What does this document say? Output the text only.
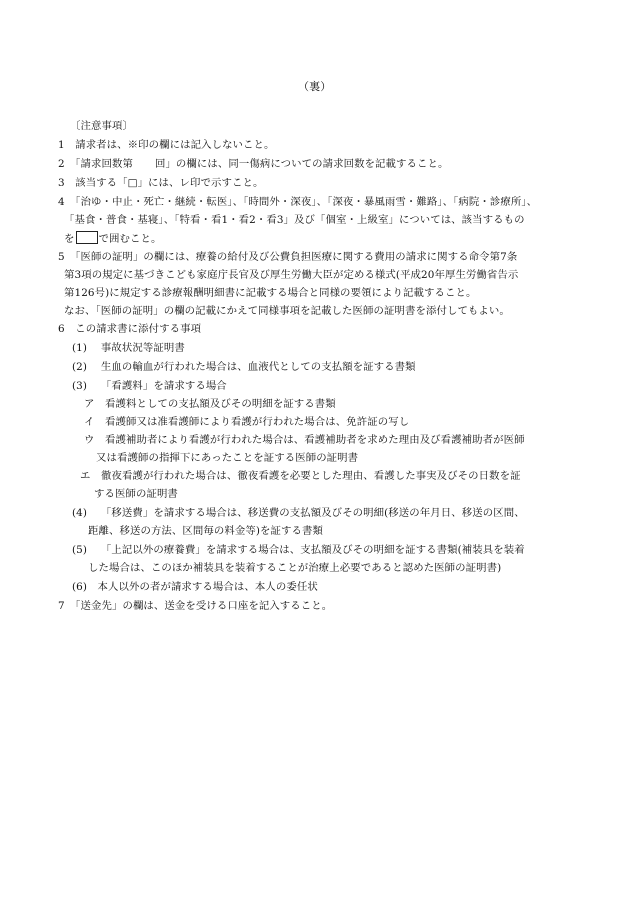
（裏）

〔注意事項〕

1　請求者は、※印の欄には記入しないこと。

2　「請求回数第 回」の欄には、同一傷病についての請求回数を記載すること。

3　該当する「□」には、レ印で示すこと。

4　「治ゆ・中止・死亡・継続・転医」、「時間外・深夜」、「深夜・暴風雨雪・難路」、「病院・診療所」、

「基食・普食・基寝」、「特看・看1・看2・看3」及び「個室・上級室」については、該当するもの

を で囲むこと。

5　「医師の証明」の欄には、療養の給付及び公費負担医療に関する費用の請求に関する命令第7条

第3項の規定に基づきこども家庭庁長官及び厚生労働大臣が定める様式(平成20年厚生労働省告示

第126号)に規定する診療報酬明細書に記載する場合と同様の要領により記載すること。

なお、「医師の証明」の欄の記載にかえて同様事項を記載した医師の証明書を添付してもよい。

6　この請求書に添付する事項

(1)　 事故状況等証明書

(2)　 生血の輸血が行われた場合は、血液代としての支払額を証する書類

(3)　 「看護料」を請求する場合

ア　看護料としての支払額及びその明細を証する書類

イ　看護師又は准看護師により看護が行われた場合は、免許証の写し

ウ　看護補助者により看護が行われた場合は、看護補助者を求めた理由及び看護補助者が医師

又は看護師の指揮下にあったことを証する医師の証明書

エ　徹夜看護が行われた場合は、徹夜看護を必要とした理由、看護した事実及びその日数を証

する医師の証明書

(4)　 「移送費」を請求する場合は、移送費の支払額及びその明細(移送の年月日、移送の区間、

距離、移送の方法、区間毎の料金等)を証する書類

(5)　 「上記以外の療養費」を請求する場合は、支払額及びその明細を証する書類(補装具を装着

した場合は、このほか補装具を装着することが治療上必要であると認めた医師の証明書)

(6)　本人以外の者が請求する場合は、本人の委任状

7　「送金先」の欄は、送金を受ける口座を記入すること。
